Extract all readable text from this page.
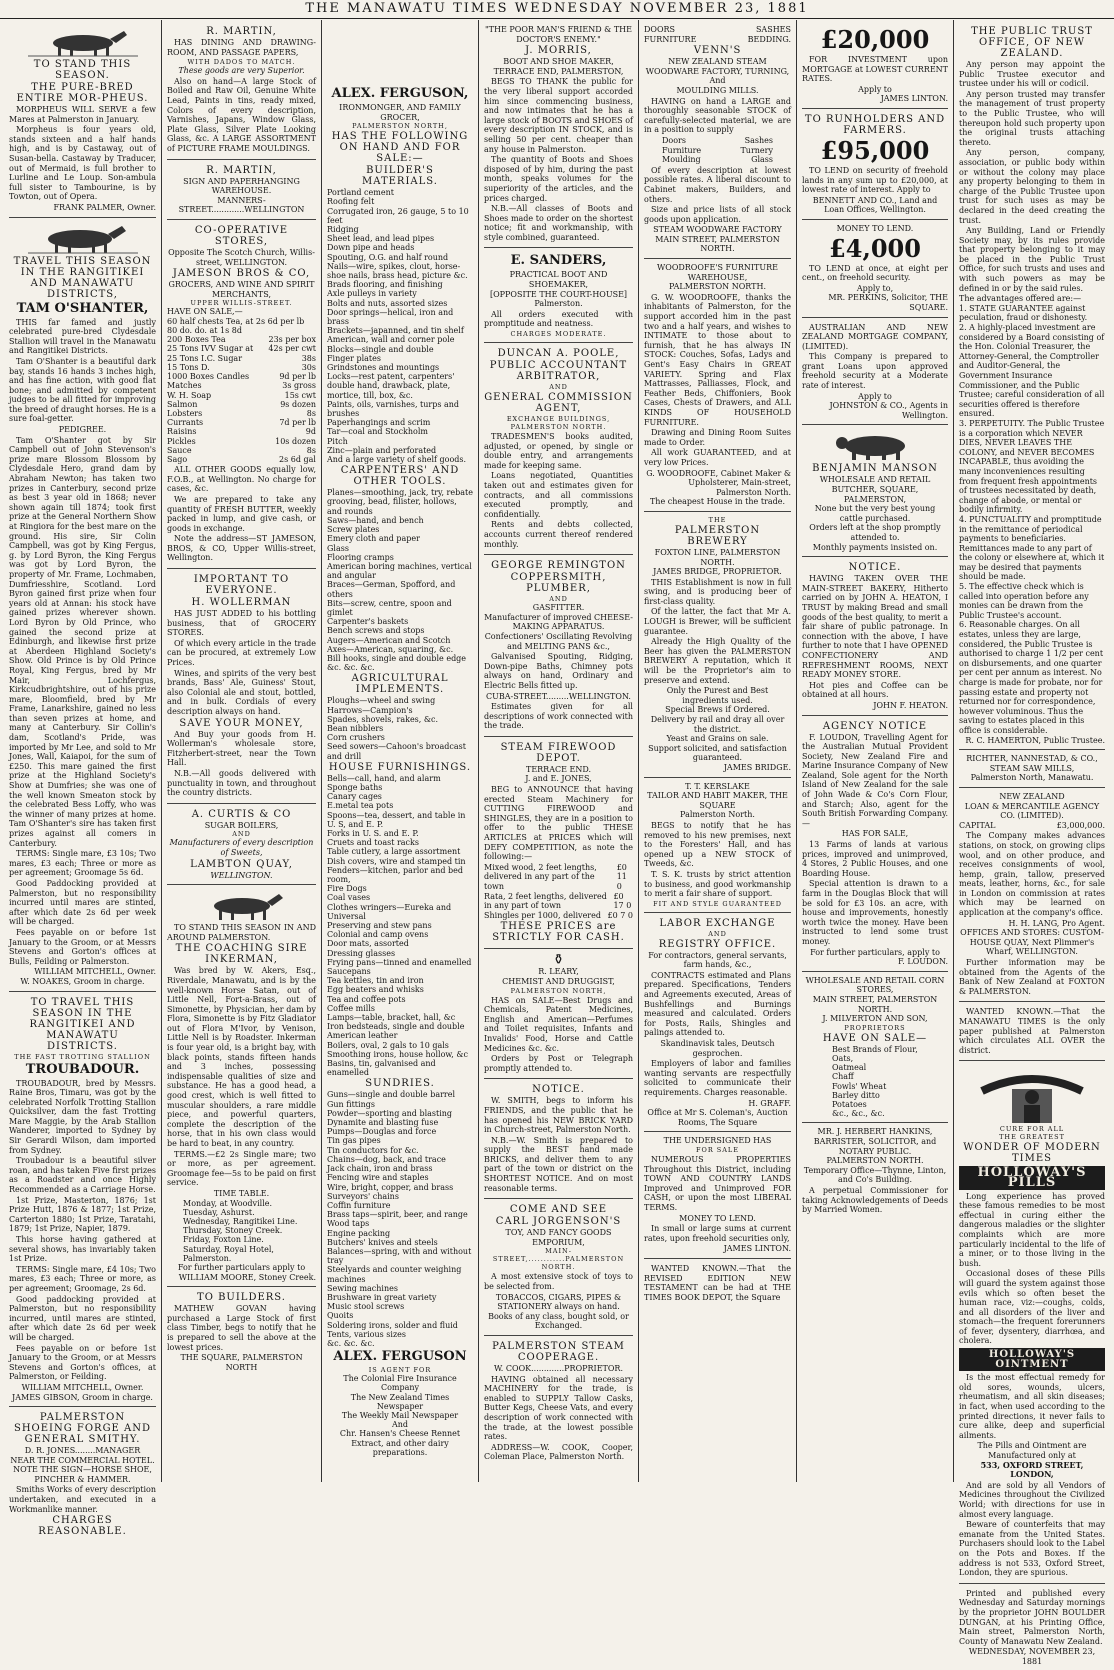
THE MANAWATU TIMES WEDNESDAY NOVEMBER 23, 1881
TO STAND THIS SEASON.
THE PURE-BRED ENTIRE MOR-PHEUS.
MORPHEUS WILL SERVE a few Mares at Palmerston in January.
Morpheus is four years old, stands sixteen and a half hands high, and is by Castaway, out of Susan-bella. Castaway by Traducer, out of Mermaid, is full brother to Lurline and Le Loup. Son-ambula full sister to Tambourine, is by Towton, out of Opera.
FRANK PALMER, Owner.
TRAVEL THIS SEASON IN THE RANGITIKEI AND MANAWATU DISTRICTS,
TAM O'SHANTER,
THIS far famed and justly celebrated pure-bred Clydesdale Stallion will travel in the Manawatu and Rangitikei Districts.
Tam O'Shanter is a beautiful dark bay, stands 16 hands 3 inches high, and has fine action, with good flat bone; and admitted by competent judges to be all fitted for improving the breed of draught horses. He is a sure foal-getter.
PEDIGREE.
Tam O'Shanter got by Sir Campbell out of John Stevenson's prize mare Blossom Blossom by Clydesdale Hero, grand dam by Abraham Newton; has taken two prizes in Canterbury, second prize as best 3 year old in 1868; never shown again till 1874; took first prize at the General Northern Show at Ringiora for the best mare on the ground. His sire, Sir Colin Campbell, was got by King Fergus, g. by Lord Byron, the King Fergus was got by Lord Byron, the property of Mr. Frame, Lochmaben, Dumfriesshire, Scotland. Lord Byron gained first prize when four years old at Annan: his stock have gained prizes wherever shown. Lord Byron by Old Prince, who gained the second prize at Edinburgh, and likewise first prize at Aberdeen Highland Society's Show. Old Prince is by Old Prince Royal, King Fergus, bred by Mr Mair, Lochfergus, Kirkcudbrightshire, out of his prize mare, Bloomfield, bred by Mr Frame, Lanarkshire, gained no less than seven prizes at home, and many at Canterbury. Sir Collin's dam, Scotland's Pride, was imported by Mr Lee, and sold to Mr Jones, Wall, Kaiapoi, for the sum of £250. This mare gained the first prize at the Highland Society's Show at Dumfries; she was one of the well known Smeaton stock by the celebrated Bess Loffy, who was the winner of many prizes at home. Tam O'Shanter's sire has taken first prizes against all comers in Canterbury.
TERMS: Single mare, £3 10s; Two mares, £3 each; Three or more as per agreement; Groomage 5s 6d.
Good Paddocking provided at Palmerston, but no responsibility incurred until mares are stinted, after which date 2s 6d per week will be charged.
Fees payable on or before 1st January to the Groom, or at Messrs Stevens and Gorton's offices at Bulls, Feilding or Palmerston.
WILLIAM MITCHELL, Owner.
W. NOAKES, Groom in charge.
TO TRAVEL THIS SEASON IN THE RANGITIKEI AND MANAWATU DISTRICTS.
THE FAST TROTTING STALLION
TROUBADOUR.
TROUBADOUR, bred by Messrs. Raine Bros, Timaru, was got by the celebrated Norfolk Trotting Stallion Quicksilver, dam the fast Trotting Mare Maggie, by the Arab Stallion Wanderer, imported to Sydney by Sir Gerardi Wilson, dam imported from Sydney.
Troubadour is a beautiful silver roan, and has taken Five first prizes as a Roadster and once Highly Recommended as a Carriage Horse.
1st Prize, Masterton, 1876; 1st Prize Hutt, 1876 & 1877; 1st Prize, Carterton 1880; 1st Prize, Taratahi, 1879; 1st Prize, Napier, 1879.
This horse having gathered at several shows, has invariably taken 1st Prize.
TERMS: Single mare, £4 10s; Two mares, £3 each; Three or more, as per agreement; Groomage, 2s 6d.
Good paddocking provided at Palmerston, but no responsibility incurred, until mares are stinted, after which date 2s 6d per week will be charged.
Fees payable on or before 1st January to the Groom, or at Messrs Stevens and Gorton's offices, at Palmerston, or Feilding.
WILLIAM MITCHELL, Owner.
JAMES GIBSON, Groom in charge.
PALMERSTON SHOEING FORGE AND GENERAL SMITHY.
D. R. JONES........MANAGER
NEAR THE COMMERCIAL HOTEL.
NOTE THE SIGN—HORSE SHOE, PINCHER & HAMMER.
Smiths Works of every description undertaken, and executed in a Workmanlike manner.
CHARGES REASONABLE.
R. MARTIN,
HAS DINING AND DRAWING-ROOM, AND PASSAGE PAPERS,
WITH DADOS TO MATCH.
These goods are very Superior.
Also on hand—A large Stock of Boiled and Raw Oil, Genuine White Lead, Paints in tins, ready mixed, Colors of every description, Varnishes, Japans, Window Glass, Plate Glass, Silver Plate Looking Glass, &c. A LARGE ASSORTMENT of PICTURE FRAME MOULDINGS.
R. MARTIN,
SIGN AND PAPERHANGING WAREHOUSE.
MANNERS-STREET.............WELLINGTON
CO-OPERATIVE STORES,
Opposite The Scotch Church, Willis-street, WELLINGTON.
JAMESON BROS & CO,
GROCERS, AND WINE AND SPIRIT MERCHANTS,
UPPER WILLIS-STREET.
HAVE ON SALE,—
60 half chests Tea, at 2s 6d per lb
80 do. do. at 1s 8d
200 Boxes Tea	23s per box
25 Tons IVV Sugar at 42s per cwt
25 Tons I.C. Sugar	38s
15 Tons D.	30s
1000 Boxes Candles	9d per lb
Matches	3s gross
W. H. Soap	15s cwt
Salmon	9s dozen
Lobsters	8s
Currants	7d per lb
Raisins	9d
Pickles	10s dozen
Sauce	8s
Sago	2s 6d gal
ALL OTHER GOODS equally low, F.O.B., at Wellington. No charge for cases, &c.
We are prepared to take any quantity of FRESH BUTTER, weekly packed in lump, and give cash, or goods in exchange.
Note the address—ST JAMESON, BROS, & CO, Upper Willis-street, Wellington.
IMPORTANT TO EVERYONE.
H. WOLLERMAN
HAS JUST ADDED to his bottling business, that of GROCERY STORES.
Of which every article in the trade can be procured, at extremely Low Prices.
Wines, and spirits of the very best brands, Bass' Ale, Guiness' Stout, also Colonial ale and stout, bottled, and in bulk. Cordials of every description always on hand.
SAVE YOUR MONEY,
And Buy your goods from H. Wollerman's wholesale store, Fitzherbert-street, near the Town Hall.
N.B.—All goods delivered with punctuality in town, and throughout the country districts.
A. CURTIS & CO
SUGAR BOILERS,
AND
Manufacturers of every description of Sweets,
LAMBTON QUAY,
WELLINGTON.
TO STAND THIS SEASON IN AND AROUND PALMERSTON.
THE COACHING SIRE INKERMAN,
Was bred by W. Akers, Esq., Riverdale, Manawatu, and is by the well-known Horse Satan, out of Little Nell, Fort-a-Brass, out of Simonette, by Physician, her dam by Flora, Simonette is by Fitz Gladiator out of Flora M'Ivor, by Venison, Little Nell is by Roadster. Inkerman is four year old, is a bright bay, with black points, stands fifteen hands and 3 inches, possessing indispensable qualities of size and substance. He has a good head, a good crest, which is well fitted to muscular shoulders, a rare middle piece, and powerful quarters, complete the description of the horse, that in his own class would be hard to beat, in any country.
TERMS.—£2 2s Single mare; two or more, as per agreement. Groomage fee—5s to be paid on first service.
TIME TABLE.
Monday, at Woodville.
Tuesday, Ashurst.
Wednesday, Rangitikei Line.
Thursday, Stoney Creek.
Friday, Foxton Line.
Saturday, Royal Hotel, Palmerston.
For further particulars apply to
WILLIAM MOORE, Stoney Creek.
TO BUILDERS.
MATHEW GOVAN having purchased a Large Stock of first class Timber, begs to notify that he is prepared to sell the above at the lowest prices.
THE SQUARE, PALMERSTON NORTH
ALEX. FERGUSON,
IRONMONGER, AND FAMILY GROCER,
PALMERSTON NORTH,
HAS THE FOLLOWING ON HAND AND FOR SALE:—
BUILDER'S MATERIALS.
Portland cement
Roofing felt
Corrugated iron, 26 gauge, 5 to 10 feet
Ridging
Sheet lead, and lead pipes
Down pipe and heads
Spouting, O.G. and half round
Nails—wire, spikes, clout, horse-shoe nails, brass head, picture &c.
Brads flooring, and finishing
Axle pulleys in variety
Bolts and nuts, assorted sizes
Door springs—helical, iron and brass
Brackets—japanned, and tin shelf
American, wall and corner pole
Blocks—single and double
Finger plates
Grindstones and mountings
Locks—rest patent, carpenters' double hand, drawback, plate, mortice, till, box, &c.
Paints, oils, varnishes, turps and brushes
Paperhangings and scrim
Tar—coal and Stockholm
Pitch
Zinc—plain and perforated
And a large variety of shelf goods.
CARPENTERS' AND OTHER TOOLS.
Planes—smoothing, jack, try, rebate grooving, bead, filister, hollows, and rounds
Saws—hand, and bench
Screw plates
Emery cloth and paper
Glass
Flooring cramps
American boring machines, vertical and angular
Braces—German, Spofford, and others
Bits—screw, centre, spoon and gimlet
Carpenter's baskets
Bench screws and stops
Augers—American and Scotch
Axes—American, squaring, &c.
Bill hooks, single and double edge &c. &c. &c.
AGRICULTURAL IMPLEMENTS.
Ploughs—wheel and swing
Harrows—Campion's
Spades, shovels, rakes, &c.
Bean nibblers
Corn crushers
Seed sowers—Cahoon's broadcast and drill
HOUSE FURNISHINGS.
Bells—call, hand, and alarm
Sponge baths
Canary cages
E.metal tea pots
Spoons—tea, dessert, and table in U. S, and E. P.
Forks in U. S. and E. P.
Cruets and toast racks
Table cutlery, a large assortment
Dish covers, wire and stamped tin
Fenders—kitchen, parlor and bed room,
Fire Dogs
Coal vases
Clothes wringers—Eureka and Universal
Preserving and stew pans
Colonial and camp ovens
Door mats, assorted
Dressing glasses
Frying pans—tinned and enamelled
Saucepans
Tea kettles, tin and iron
Egg beaters and whisks
Tea and coffee pots
Coffee mills
Lamps—table, bracket, hall, &c
Iron bedsteads, single and double
American leather
Boilers, oval, 2 gals to 10 gals
Smoothing irons, house hollow, &c
Basins, tin, galvanised and enamelled
SUNDRIES.
Guns—single and double barrel
Gun fittings
Powder—sporting and blasting
Dynamite and blasting fuse
Pumps—Douglas and force
Tin gas pipes
Tin conductors for &c.
Chains—dog, back, and trace
Jack chain, iron and brass
Fencing wire and staples
Wire, bright, copper, and brass
Surveyors' chains
Coffin furniture
Brass taps—spirit, beer, and range
Wood taps
Engine packing
Butchers' knives and steels
Balances—spring, with and without tray
Steelyards and counter weighing machines
Sewing machines
Brushware in great variety
Music stool screws
Quoits
Soldering irons, solder and fluid
Tents, various sizes
&c. &c. &c.
ALEX. FERGUSON
IS AGENT FOR
The Colonial Fire Insurance Company
The New Zealand Times Newspaper
The Weekly Mail Newspaper
And
Chr. Hansen's Cheese Rennet Extract, and other dairy preparations.
"THE POOR MAN'S FRIEND & THE DOCTOR'S ENEMY."
J. MORRIS,
BOOT AND SHOE MAKER, TERRACE END, PALMERSTON,
BEGS TO THANK the public for the very liberal support accorded him since commencing business, and now intimates that he has a large stock of BOOTS and SHOES of every description IN STOCK, and is selling 50 per cent. cheaper than any house in Palmerston.
The quantity of Boots and Shoes disposed of by him, during the past month, speaks volumes for the superiority of the articles, and the prices charged.
N.B.—All classes of Boots and Shoes made to order on the shortest notice; fit and workmanship, with style combined, guaranteed.
E. SANDERS,
PRACTICAL BOOT AND SHOEMAKER,
[OPPOSITE THE COURT-HOUSE] Palmerston.
All orders executed with promptitude and neatness.
CHARGES MODERATE.
DUNCAN A. POOLE,
PUBLIC ACCOUNTANT ARBITRATOR,
AND
GENERAL COMMISSION AGENT,
EXCHANGE BUILDINGS, PALMERSTON NORTH.
TRADESMEN'S books audited, adjusted, or opened, by single or double entry, and arrangements made for keeping same.
Loans negotiated, Quantities taken out and estimates given for contracts, and all commissions executed promptly, and confidentially.
Rents and debts collected, accounts current thereof rendered monthly.
GEORGE REMINGTON
COPPERSMITH, PLUMBER,
AND
GASFITTER.
Manufacturer of improved CHEESE-MAKING APPARATUS.
Confectioners' Oscillating Revolving and MELTING PANS &c.,
Galvanised Spouting, Ridging, Down-pipe Baths, Chimney pots always on hand, Ordinary and Electric Bells fitted up.
CUBA-STREET.........WELLINGTON.
Estimates given for all descriptions of work connected with the trade.
STEAM FIREWOOD DEPOT.
TERRACE END.
J. and E. JONES,
BEG to ANNOUNCE that having erected Steam Machinery for CUTTING FIREWOOD and SHINGLES, they are in a position to offer to the public THESE ARTICLES at PRICES which will DEFY COMPETITION, as note the following:—
Mixed wood, 2 feet lengths, delivered in any part of the town
£0 11 0
Rata, 2 feet lengths, delivered in any part of town
£0 17 0
Shingles per 1000, delivered £0 7 0
THESE PRICES are STRICTLY FOR CASH.
⚱
R. LEARY,
CHEMIST AND DRUGGIST,
PALMERSTON NORTH,
HAS on SALE—Best Drugs and Chemicals, Patent Medicines, English and American—Perfumes and Toilet requisites, Infants and Invalids' Food, Horse and Cattle Medicines &c. &c.
Orders by Post or Telegraph promptly attended to.
NOTICE.
W. SMITH, begs to inform his FRIENDS, and the public that he has opened his NEW BRICK YARD in Church-street, Palmerston North.
N.B.—W. Smith is prepared to supply the BEST hand made BRICKS, and deliver them to any part of the town or district on the SHORTEST NOTICE. And on most reasonable terms.
COME AND SEE
CARL JORGENSON'S
TOY, AND FANCY GOODS EMPORIUM,
MAIN-STREET,............PALMERSTON NORTH.
A most extensive stock of toys to be selected from.
TOBACCOS, CIGARS, PIPES & STATIONERY always on hand.
Books of any class, bought sold, or Exchanged.
PALMERSTON STEAM COOPERAGE.
W. COOK.............PROPRIETOR.
HAVING obtained all necessary MACHINERY for the trade, is enabled to SUPPLY Tallow Casks, Butter Kegs, Cheese Vats, and every description of work connected with the trade, at the lowest possible rates.
ADDRESS—W. COOK, Cooper, Coleman Place, Palmerston North.
DOORS	SASHES
FURNITURE	BEDDING.
VENN'S
NEW ZEALAND STEAM WOODWARE FACTORY, TURNING,
And
MOULDING MILLS.
HAVING on hand a LARGE and thoroughly seasonable STOCK of carefully-selected material, we are in a position to supply
Doors	Sashes
Furniture	Turnery
Moulding	Glass
Of every description at lowest possible rates. A liberal discount to Cabinet makers, Builders, and others.
Size and price lists of all stock goods upon application.
STEAM WOODWARE FACTORY MAIN STREET, PALMERSTON NORTH.
WOODROOFE'S FURNITURE WAREHOUSE,
PALMERSTON NORTH.
G. W. WOODROOFE, thanks the inhabitants of Palmerston, for the support accorded him in the past two and a half years, and wishes to INTIMATE to those about to furnish, that he has always IN STOCK: Couches, Sofas, Ladys and Gent's Easy Chairs in GREAT VARIETY. Spring and Flax Mattrasses, Palliasses, Flock, and Feather Beds, Chiffoniers, Book Cases, Chests of Drawers, and ALL KINDS OF HOUSEHOLD FURNITURE.
Drawing and Dining Room Suites made to Order.
All work GUARANTEED, and at very low Prices.
G. WOODROOFE, Cabinet Maker & Upholsterer, Main-street, Palmerston North.
The cheapest House in the trade.
THE
PALMERSTON BREWERY
FOXTON LINE, PALMERSTON NORTH.
JAMES BRIDGE, PROPRIETOR.
THIS Establishment is now in full swing, and is producing beer of first-class quality.
Of the latter, the fact that Mr A. LOUGH is Brewer, will be sufficient guarantee.
Already the High Quality of the Beer has given the PALMERSTON BREWERY A reputation, which it will be the Proprietor's aim to preserve and extend.
Only the Purest and Best ingredients used.
Special Brews if Ordered.
Delivery by rail and dray all over the district.
Yeast and Grains on sale.
Support solicited, and satisfaction guaranteed.
JAMES BRIDGE.
T. T. KERSLAKE
TAILOR AND HABIT MAKER, THE SQUARE
Palmerston North.
BEGS to notify that he has removed to his new premises, next to the Foresters' Hall, and has opened up a NEW STOCK of Tweeds, &c.
T. S. K. trusts by strict attention to business, and good workmanship to merit a fair share of support.
FIT AND STYLE GUARANTEED
LABOR EXCHANGE
AND
REGISTRY OFFICE.
For contractors, general servants, farm hands, &c.,
CONTRACTS estimated and Plans prepared. Specifications, Tenders and Agreements executed, Areas of Bushfellings and Burnings measured and calculated. Orders for Posts, Rails, Shingles and palings attended to.
Skandinavisk tales, Deutsch gesprochen.
Employers of labor and families wanting servants are respectfully solicited to communicate their requirements. Charges reasonable.
H. GRAFF.
Office at Mr S. Coleman's, Auction Rooms, The Square
THE UNDERSIGNED HAS
FOR SALE
NUMEROUS PROPERTIES Throughout this District, including TOWN AND COUNTRY LANDS Improved and Unimproved FOR CASH, or upon the most LIBERAL TERMS.
MONEY TO LEND.
In small or large sums at current rates, upon freehold securities only,
JAMES LINTON.
WANTED KNOWN.—That the REVISED EDITION NEW TESTAMENT can be had at THE TIMES BOOK DEPOT, the Square
£20,000
FOR INVESTMENT upon MORTGAGE at LOWEST CURRENT RATES.
Apply to
JAMES LINTON.
TO RUNHOLDERS AND FARMERS.
£95,000
TO LEND on security of freehold lands in any sum up to £20,000, at lowest rate of interest. Apply to
BENNETT AND CO., Land and Loan Offices, Wellington.
MONEY TO LEND.
£4,000
TO LEND at once, at eight per cent., on freehold security.
Apply to,
MR. PERKINS, Solicitor, THE SQUARE.
AUSTRALIAN AND NEW ZEALAND MORTGAGE COMPANY, (LIMITED).
This Company is prepared to grant Loans upon approved freehold security at a Moderate rate of interest.
Apply to
JOHNSTON & CO., Agents in Wellington.
BENJAMIN MANSON
WHOLESALE AND RETAIL BUTCHER, SQUARE, PALMERSTON,
None but the very best young cattle purchased.
Orders left at the shop promptly attended to.
Monthly payments insisted on.
NOTICE.
HAVING TAKEN OVER THE MAIN-STREET BAKERY, Hitherto carried on by JOHN A. HEATON, I TRUST by making Bread and small goods of the best quality, to merit a fair share of public patronage. In connection with the above, I have further to note that I have OPENED CONFECTIONERY AND REFRESHMENT ROOMS, NEXT READY MONEY STORE.
Hot pies and Coffee can be obtained at all hours.
JOHN F. HEATON.
AGENCY NOTICE
F. LOUDON, Travelling Agent for the Australian Mutual Provident Society, New Zealand Fire and Marine Insurance Company of New Zealand, Sole agent for the North Island of New Zealand for the sale of John Wade & Co's Corn Flour, and Starch; Also, agent for the South British Forwarding Company.—
HAS FOR SALE,
13 Farms of lands at various prices, improved and unimproved, 4 Stores, 2 Public Houses, and one Boarding House.
Special attention is drawn to a farm in the Douglas Block that will be sold for £3 10s. an acre, with house and improvements, honestly worth twice the money. Have been instructed to lend some trust money.
For further particulars, apply to
F. LOUDON.
WHOLESALE AND RETAIL CORN STORES,
MAIN STREET, PALMERSTON NORTH.
J. MILVERTON AND SON,
PROPRIETORS
HAVE ON SALE—
Best Brands of Flour,
Oats,
Oatmeal
Chaff
Fowls' Wheat
Barley ditto
Potatoes
&c., &c., &c.
MR. J. HERBERT HANKINS,
BARRISTER, SOLICITOR, and NOTARY PUBLIC.
PALMERSTON NORTH.
Temporary Office—Thynne, Linton, and Co's Building.
A perpetual Commissioner for taking Acknowledgements of Deeds by Married Women.
THE PUBLIC TRUST OFFICE, OF NEW ZEALAND.
Any person may appoint the Public Trustee executor and trustee under his will or codicil.
Any person trusted may transfer the management of trust property to the Public Trustee, who will thereupon hold such property upon the original trusts attaching thereto.
Any person, company, association, or public body within or without the colony may place any property belonging to them in charge of the Public Trustee upon trust for such uses as may be declared in the deed creating the trust.
Any Building, Land or Friendly Society may, by its rules provide that property belonging to it may be placed in the Public Trust Office, for such trusts and uses and with such powers as may be defined in or by the said rules.
The advantages offered are:—
1. STATE GUARANTEE against peculation, fraud or dishonesty.
2. A highly-placed investment are considered by a Board consisting of the Hon. Colonial Treasurer, the Attorney-General, the Comptroller and Auditor-General, the Government Insurance Commissioner, and the Public Trustee; careful consideration of all securities offered is therefore ensured.
3. PERPETUITY. The Public Trustee is a corporation which NEVER DIES, NEVER LEAVES THE COLONY, and NEVER BECOMES INCAPABLE, thus avoiding the many inconveniences resulting from frequent fresh appointments of trustees necessitated by death, change of abode, or mental or bodily infirmity.
4. PUNCTUALITY and promptitude in the remittance of periodical payments to beneficiaries. Remittances made to any part of the colony or elsewhere at, which it may be desired that payments should be made.
5. The effective check which is called into operation before any monies can be drawn from the Public Trustee's account.
6. Reasonable charges. On all estates, unless they are large, considered, the Public Trustee is authorised to charge 1 1/2 per cent on disbursements, and one quarter per cent per annum as interest. No charge is made for probate, nor for passing estate and property not returned nor for correspondence, however voluminous. Thus the saving to estates placed in this office is considerable.
R. C. HAMERTON, Public Trustee.
RICHTER, NANNESTAD, & CO.,
STEAM SAW MILLS,
Palmerston North, Manawatu.
NEW ZEALAND
LOAN & MERCANTILE AGENCY CO. (LIMITED).
CAPITAL	£3,000,000.
The Company makes advances stations, on stock, on growing clips wool, and on other produce, and receives consignments of wool, hemp, grain, tallow, preserved meats, leather, horns, &c., for sale in London on commission at rates which may be learned on application at the company's office.
H. H. LANG, Pro Agent.
OFFICES AND STORES: CUSTOM-HOUSE QUAY, Next Plimmer's Wharf, WELLINGTON.
Further information may be obtained from the Agents of the Bank of New Zealand at FOXTON & PALMERSTON.
WANTED KNOWN.—That the MANAWATU TIMES is the only paper published at Palmerston which circulates ALL OVER the district.
CURE FOR ALL
THE GREATEST
WONDER OF MODERN TIMES
HOLLOWAY'S PILLS
Long experience has proved these famous remedies to be most effectual in curing either the dangerous maladies or the slighter complaints which are more particularly incidental to the life of a miner, or to those living in the bush.
Occasional doses of these Pills will guard the system against those evils which so often beset the human race, viz:—coughs, colds, and all disorders of the liver and stomach—the frequent forerunners of fever, dysentery, diarrhœa, and cholera.
HOLLOWAY'S OINTMENT
Is the most effectual remedy for old sores, wounds, ulcers, rheumatism, and all skin diseases; in fact, when used according to the printed directions, it never fails to cure alike, deep and superficial ailments.
The Pills and Ointment are Manufactured only at
533, OXFORD STREET, LONDON,
And are sold by all Vendors of Medicines throughout the Civilized World; with directions for use in almost every language.
Beware of counterfeits that may emanate from the United States. Purchasers should look to the Label on the Pots and Boxes. If the address is not 533, Oxford Street, London, they are spurious.
Printed and published every Wednesday and Saturday mornings by the proprietor JOHN BOULDER DUNGAN, at his Printing Office, Main street, Palmerston North, County of Manawatu New Zealand.
WEDNESDAY, NOVEMBER 23, 1881
